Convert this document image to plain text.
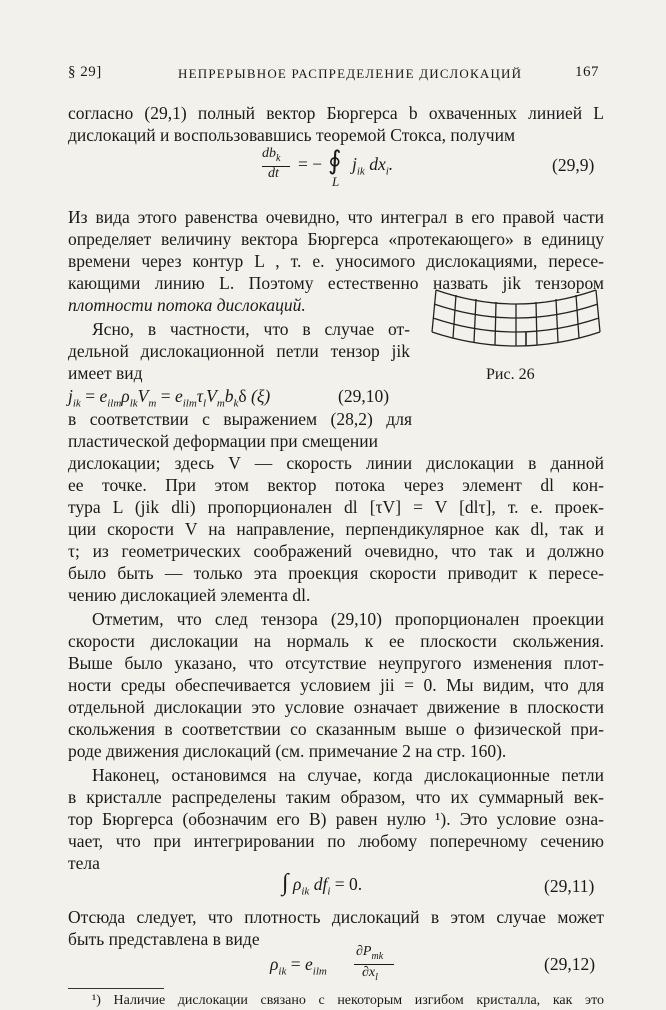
§ 29]	НЕПРЕРЫВНОЕ РАСПРЕДЕЛЕНИЕ ДИСЛОКАЦИЙ	167
согласно (29,1) полный вектор Бюргерса b охваченных линией L
дислокаций и воспользовавшись теоремой Стокса, получим
$db_k$
dt = − ∮
L
$j_{ik}$ $dx_i$.	(29,9)
Из вида этого равенства очевидно, что интеграл в его правой части
определяет величину вектора Бюргерса «протекающего» в единицу
времени через контур L , т. е. уносимого дислокациями, пересе-
кающими линию L. Поэтому естественно назвать jik тензором
плотности потока дислокаций.
Ясно, в частности, что в случае от-
дельной дислокационной петли тензор jik
имеет вид
$j_{ik} = e_{ilm}\rho_{lk}V_m = e_{ilm}\tau_lV_mb_k\delta$ (ξ)	(29,10)
Рис. 26
в соответствии с выражением (28,2) для
пластической деформации при смещении
дислокации; здесь V — скорость линии дислокации в данной
ее точке. При этом вектор потока через элемент dl кон-
тура L (jik dli) пропорционален dl [τV] = V [dlτ], т. е. проек-
ции скорости V на направление, перпендикулярное как dl, так и
τ; из геометрических соображений очевидно, что так и должно
было быть — только эта проекция скорости приводит к пересе-
чению дислокацией элемента dl.
Отметим, что след тензора (29,10) пропорционален проекции
скорости дислокации на нормаль к ее плоскости скольжения.
Выше было указано, что отсутствие неупругого изменения плот-
ности среды обеспечивается условием jii = 0. Мы видим, что для
отдельной дислокации это условие означает движение в плоскости
скольжения в соответствии со сказанным выше о физической при-
роде движения дислокаций (см. примечание 2 на стр. 160).
Наконец, остановимся на случае, когда дислокационные петли
в кристалле распределены таким образом, что их суммарный век-
тор Бюргерса (обозначим его B) равен нулю ¹). Это условие озна-
чает, что при интегрировании по любому поперечному сечению
тела
∫ $\rho_{ik}$ $df_i = 0$.	(29,11)
Отсюда следует, что плотность дислокаций в этом случае может
быть представлена в виде
$\rho_{ik} = e_{ilm}$
$\partial P_{mk}$
$\partial x_l$
(29,12)
¹) Наличие дислокации связано с некоторым изгибом кристалла, как это
